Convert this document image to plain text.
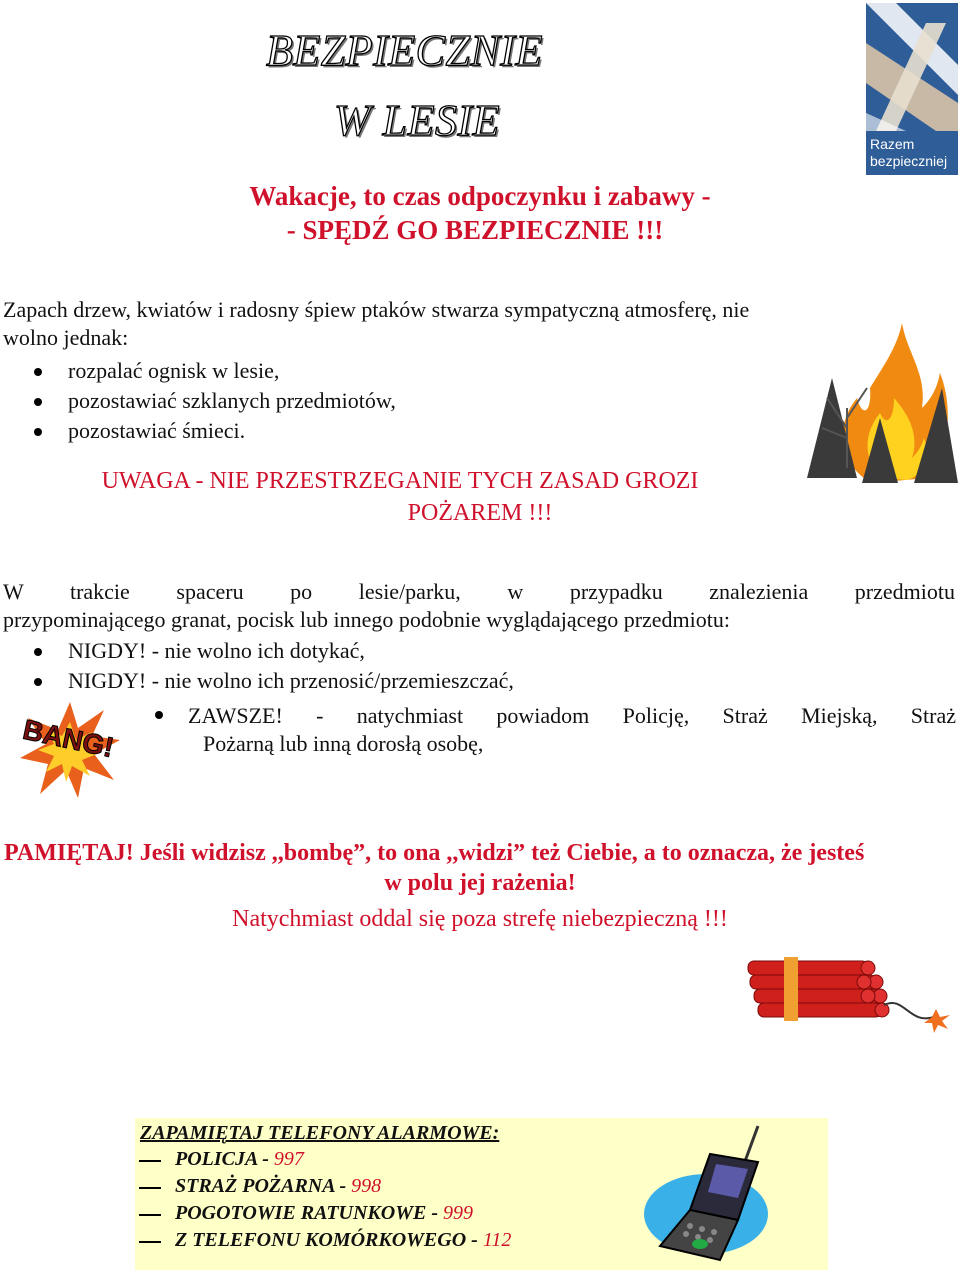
BEZPIECZNIE
W LESIE	Razem
bezpieczniej
Wakacje, to czas odpoczynku i zabawy -
- SPĘDŹ GO BEZPIECZNIE !!!
Zapach drzew, kwiatów i radosny śpiew ptaków stwarza sympatyczną atmosferę, nie
wolno jednak:
rozpalać ognisk w lesie,
pozostawiać szklanych przedmiotów,
pozostawiać śmieci.
UWAGA - NIE PRZESTRZEGANIE TYCH ZASAD GROZI
POŻAREM !!!
W trakcie spaceru po lesie/parku, w przypadku znalezienia przedmiotu
przypominającego granat, pocisk lub innego podobnie wyglądającego przedmiotu:
NIGDY! - nie wolno ich dotykać,
NIGDY! - nie wolno ich przenosić/przemieszczać,
ZAWSZE! - natychmiast powiadom Policję, Straż Miejską, Straż
Pożarną lub inną dorosłą osobę,
BANG!
PAMIĘTAJ! Jeśli widzisz ,,bombę”, to ona ,,widzi” też Ciebie, a to oznacza, że jesteś
w polu jej rażenia!
Natychmiast oddal się poza strefę niebezpieczną !!!
ZAPAMIĘTAJ TELEFONY ALARMOWE:
POLICJA - 997
STRAŻ POŻARNA - 998
POGOTOWIE RATUNKOWE - 999
Z TELEFONU KOMÓRKOWEGO - 112
